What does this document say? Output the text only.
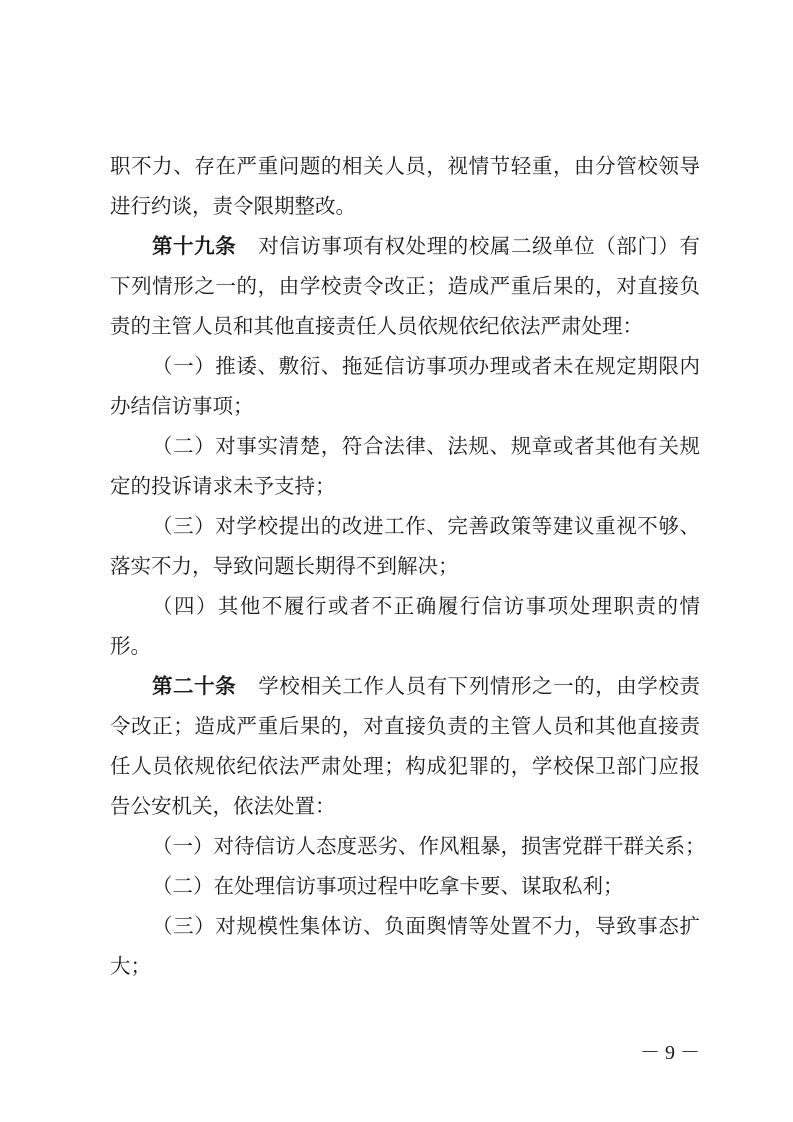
职不力、存在严重问题的相关人员，视情节轻重，由分管校领导
进行约谈，责令限期整改。
第十九条 对信访事项有权处理的校属二级单位（部门）有
下列情形之一的，由学校责令改正；造成严重后果的，对直接负
责的主管人员和其他直接责任人员依规依纪依法严肃处理：
（一）推诿、敷衍、拖延信访事项办理或者未在规定期限内
办结信访事项；
（二）对事实清楚，符合法律、法规、规章或者其他有关规
定的投诉请求未予支持；
（三）对学校提出的改进工作、完善政策等建议重视不够、
落实不力，导致问题长期得不到解决；
（四）其他不履行或者不正确履行信访事项处理职责的情
形。
第二十条 学校相关工作人员有下列情形之一的，由学校责
令改正；造成严重后果的，对直接负责的主管人员和其他直接责
任人员依规依纪依法严肃处理；构成犯罪的，学校保卫部门应报
告公安机关，依法处置：
（一）对待信访人态度恶劣、作风粗暴，损害党群干群关系；
（二）在处理信访事项过程中吃拿卡要、谋取私利；
（三）对规模性集体访、负面舆情等处置不力，导致事态扩
大；
－ 9 －
